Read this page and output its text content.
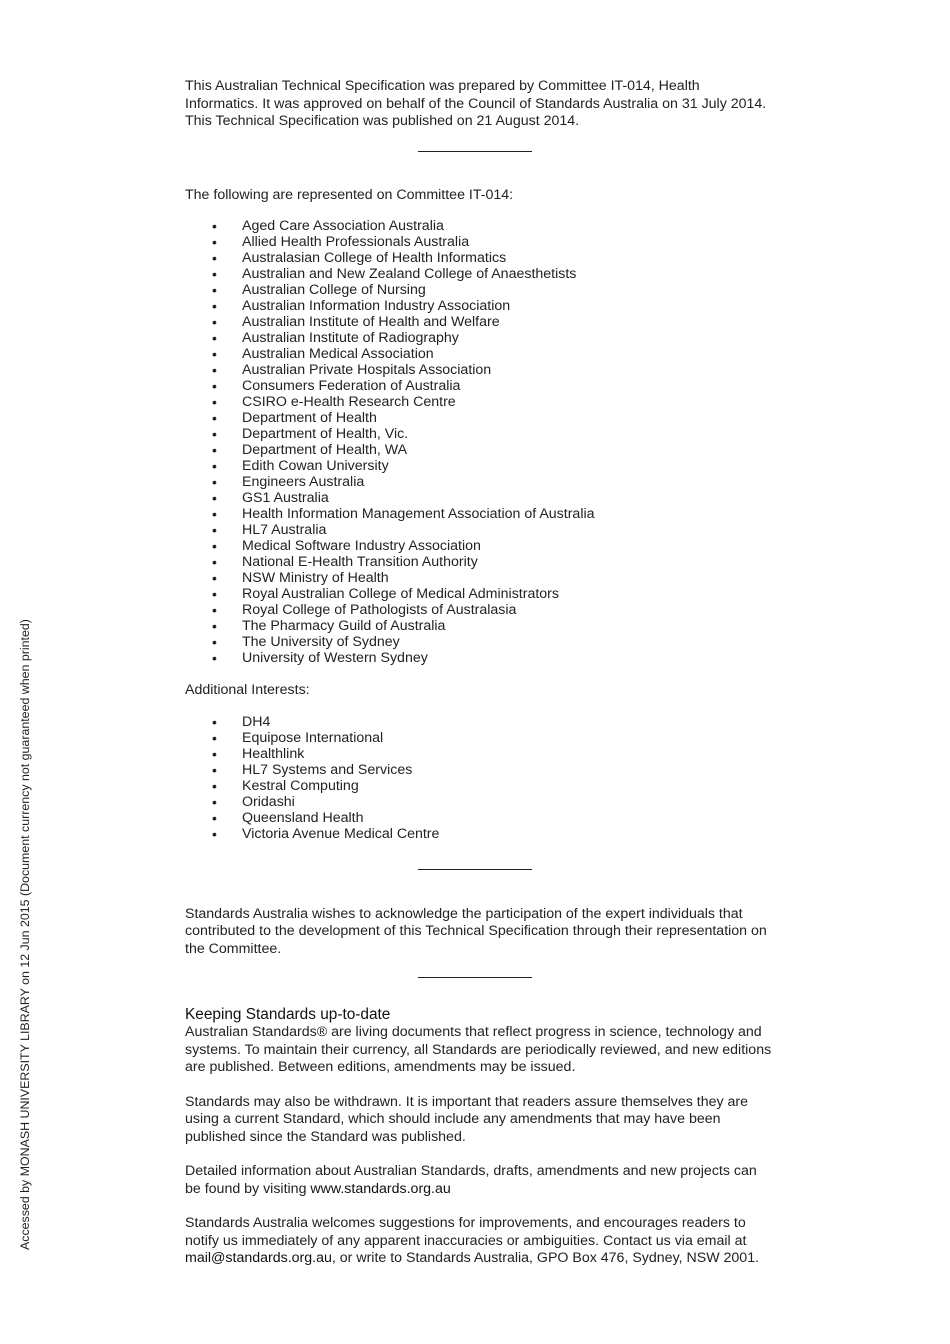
This Australian Technical Specification was prepared by Committee IT-014, Health

Informatics. It was approved on behalf of the Council of Standards Australia on 31 July 2014.

This Technical Specification was published on 21 August 2014.

The following are represented on Committee IT-014:

• Aged Care Association Australia
• Allied Health Professionals Australia
• Australasian College of Health Informatics
• Australian and New Zealand College of Anaesthetists
• Australian College of Nursing
• Australian Information Industry Association
• Australian Institute of Health and Welfare
• Australian Institute of Radiography
• Australian Medical Association
• Australian Private Hospitals Association
• Consumers Federation of Australia
• CSIRO e-Health Research Centre
• Department of Health
• Department of Health, Vic.
• Department of Health, WA
• Edith Cowan University
• Engineers Australia
• GS1 Australia
• Health Information Management Association of Australia
• HL7 Australia
• Medical Software Industry Association
• National E-Health Transition Authority
• NSW Ministry of Health
• Royal Australian College of Medical Administrators
• Royal College of Pathologists of Australasia
• The Pharmacy Guild of Australia
• The University of Sydney
• University of Western Sydney

Additional Interests:

• DH4
• Equipose International
• Healthlink
• HL7 Systems and Services
• Kestral Computing
• Oridashi
• Queensland Health
• Victoria Avenue Medical Centre

Standards Australia wishes to acknowledge the participation of the expert individuals that

contributed to the development of this Technical Specification through their representation on

the Committee.

Keeping Standards up-to-date

Australian Standards® are living documents that reflect progress in science, technology and

systems. To maintain their currency, all Standards are periodically reviewed, and new editions

are published. Between editions, amendments may be issued.

Standards may also be withdrawn. It is important that readers assure themselves they are

using a current Standard, which should include any amendments that may have been

published since the Standard was published.

Detailed information about Australian Standards, drafts, amendments and new projects can

be found by visiting www.standards.org.au

Standards Australia welcomes suggestions for improvements, and encourages readers to

notify us immediately of any apparent inaccuracies or ambiguities. Contact us via email at

mail@standards.org.au, or write to Standards Australia, GPO Box 476, Sydney, NSW 2001.

Accessed by MONASH UNIVERSITY LIBRARY on 12 Jun 2015 (Document currency not guaranteed when printed)
